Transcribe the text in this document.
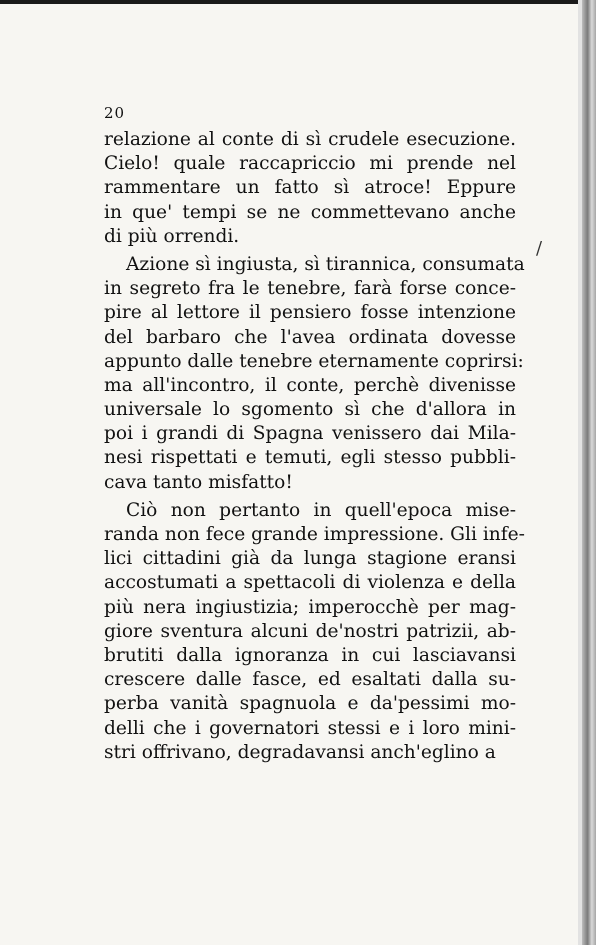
20
/
relazione al conte di sì crudele esecuzione.
Cielo! quale raccapriccio mi prende nel
rammentare un fatto sì atroce! Eppure
in que' tempi se ne commettevano anche
di più orrendi.
Azione sì ingiusta, sì tirannica, consumata
in segreto fra le tenebre, farà forse conce-
pire al lettore il pensiero fosse intenzione
del barbaro che l'avea ordinata dovesse
appunto dalle tenebre eternamente coprirsi:
ma all'incontro, il conte, perchè divenisse
universale lo sgomento sì che d'allora in
poi i grandi di Spagna venissero dai Mila-
nesi rispettati e temuti, egli stesso pubbli-
cava tanto misfatto!
Ciò non pertanto in quell'epoca mise-
randa non fece grande impressione. Gli infe-
lici cittadini già da lunga stagione eransi
accostumati a spettacoli di violenza e della
più nera ingiustizia; imperocchè per mag-
giore sventura alcuni de'nostri patrizii, ab-
brutiti dalla ignoranza in cui lasciavansi
crescere dalle fasce, ed esaltati dalla su-
perba vanità spagnuola e da'pessimi mo-
delli che i governatori stessi e i loro mini-
stri offrivano, degradavansi anch'eglino a
